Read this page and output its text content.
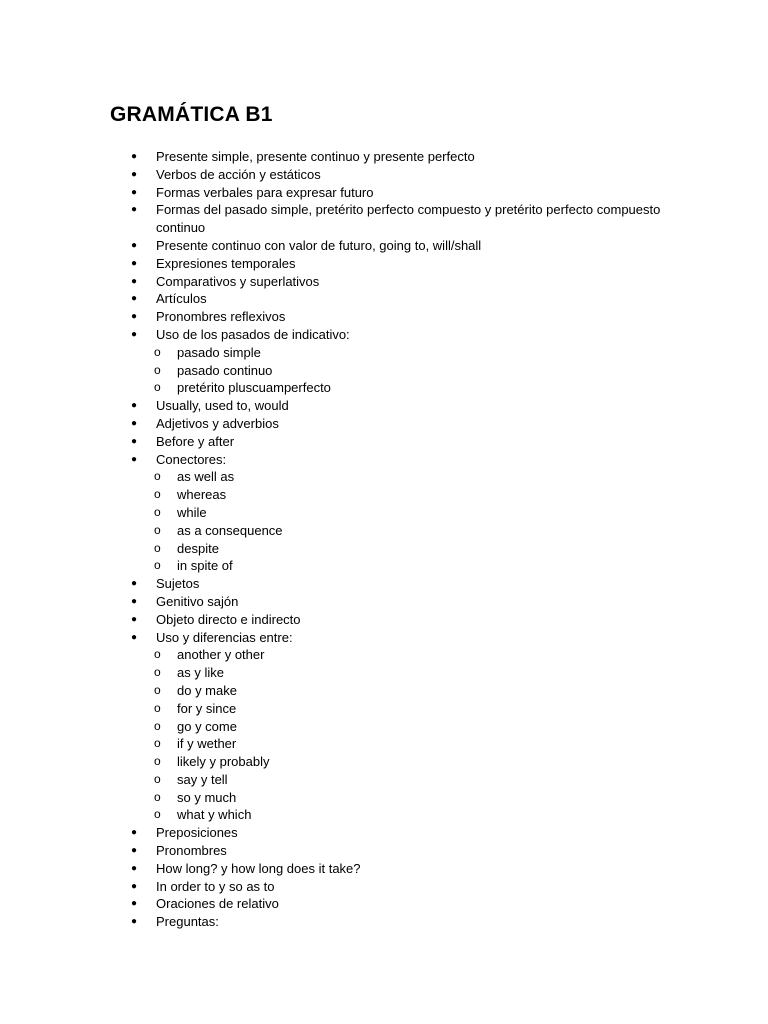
GRAMÁTICA B1
● Presente simple, presente continuo y presente perfecto
● Verbos de acción y estáticos
● Formas verbales para expresar futuro
● Formas del pasado simple, pretérito perfecto compuesto y pretérito perfecto compuesto continuo
● Presente continuo con valor de futuro, going to, will/shall
● Expresiones temporales
● Comparativos y superlativos
● Artículos
● Pronombres reflexivos
● Uso de los pasados de indicativo:
o pasado simple
o pasado continuo
o pretérito pluscuamperfecto
● Usually, used to, would
● Adjetivos y adverbios
● Before y after
● Conectores:
o as well as
o whereas
o while
o as a consequence
o despite
o in spite of
● Sujetos
● Genitivo sajón
● Objeto directo e indirecto
● Uso y diferencias entre:
o another y other
o as y like
o do y make
o for y since
o go y come
o if y wether
o likely y probably
o say y tell
o so y much
o what y which
● Preposiciones
● Pronombres
● How long? y how long does it take?
● In order to y so as to
● Oraciones de relativo
● Preguntas:
